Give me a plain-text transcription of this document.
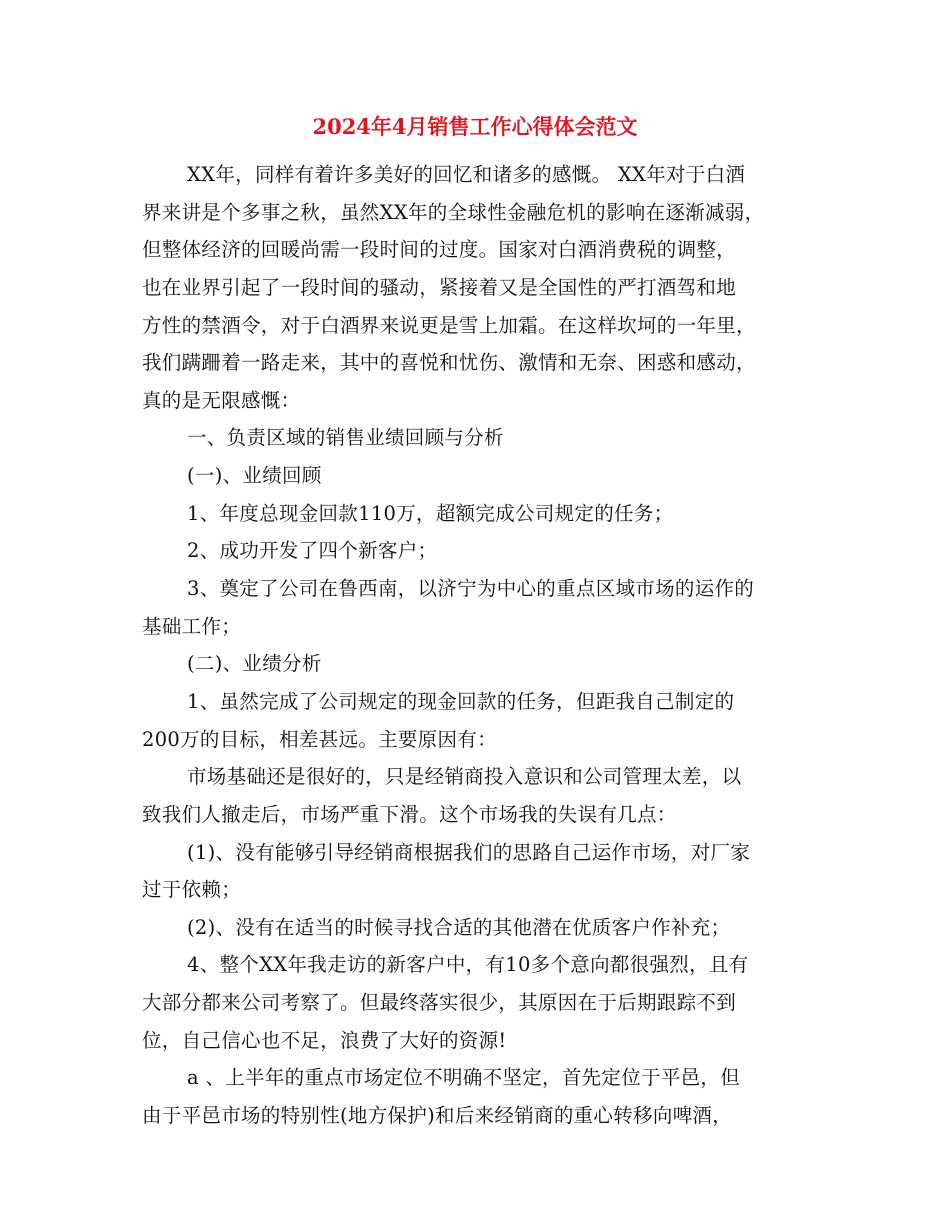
2024年4月销售工作心得体会范文
XX年，同样有着许多美好的回忆和诸多的感慨。 XX年对于白酒
界来讲是个多事之秋，虽然XX年的全球性金融危机的影响在逐渐减弱，
但整体经济的回暖尚需一段时间的过度。国家对白酒消费税的调整，
也在业界引起了一段时间的骚动，紧接着又是全国性的严打酒驾和地
方性的禁酒令，对于白酒界来说更是雪上加霜。在这样坎坷的一年里，
我们蹒跚着一路走来，其中的喜悦和忧伤、激情和无奈、困惑和感动，
真的是无限感慨：
一、负责区域的销售业绩回顾与分析
(一)、业绩回顾
1、年度总现金回款110万，超额完成公司规定的任务；
2、成功开发了四个新客户；
3、奠定了公司在鲁西南，以济宁为中心的重点区域市场的运作的
基础工作；
(二)、业绩分析
1、虽然完成了公司规定的现金回款的任务，但距我自己制定的
200万的目标，相差甚远。主要原因有：
市场基础还是很好的，只是经销商投入意识和公司管理太差，以
致我们人撤走后，市场严重下滑。这个市场我的失误有几点：
(1)、没有能够引导经销商根据我们的思路自己运作市场，对厂家
过于依赖；
(2)、没有在适当的时候寻找合适的其他潜在优质客户作补充；
4、整个XX年我走访的新客户中，有10多个意向都很强烈，且有
大部分都来公司考察了。但最终落实很少，其原因在于后期跟踪不到
位，自己信心也不足，浪费了大好的资源!
a 、上半年的重点市场定位不明确不坚定，首先定位于平邑，但
由于平邑市场的特别性(地方保护)和后来经销商的重心转移向啤酒，
